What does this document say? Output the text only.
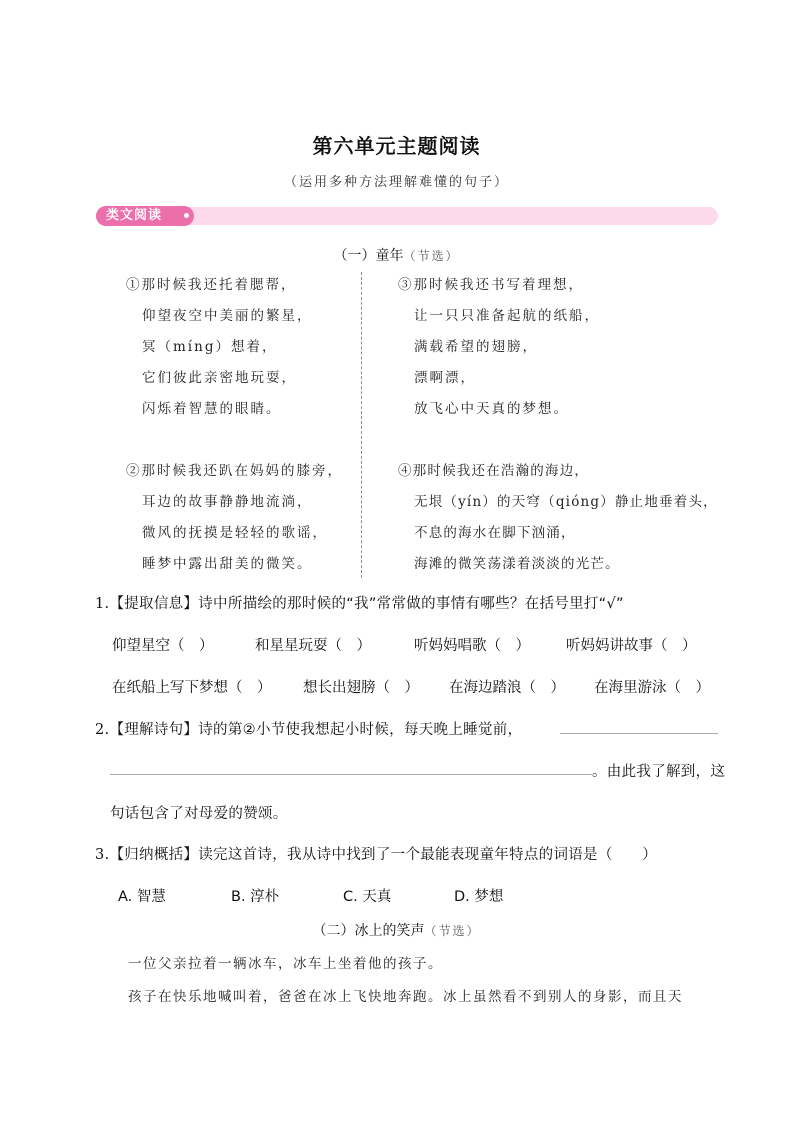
第六单元主题阅读
（运用多种方法理解难懂的句子）
类文阅读
（一）童年（节选）
①那时候我还托着腮帮，
仰望夜空中美丽的繁星，
冥（míng）想着，
它们彼此亲密地玩耍，
闪烁着智慧的眼睛。
②那时候我还趴在妈妈的膝旁，
耳边的故事静静地流淌，
微风的抚摸是轻轻的歌谣，
睡梦中露出甜美的微笑。
③那时候我还书写着理想，
让一只只准备起航的纸船，
满载希望的翅膀，
漂啊漂，
放飞心中天真的梦想。
④那时候我还在浩瀚的海边，
无垠（yín）的天穹（qióng）静止地垂着头，
不息的海水在脚下汹涌，
海滩的微笑荡漾着淡淡的光芒。
1.【提取信息】诗中所描绘的那时候的“我”常常做的事情有哪些？在括号里打“√”
仰望星空（　）	和星星玩耍（　）	听妈妈唱歌（　） 听妈妈讲故事（　）
在纸船上写下梦想（　） 想长出翅膀（　） 在海边踏浪（　） 在海里游泳（　）
2.【理解诗句】诗的第②小节使我想起小时候，每天晚上睡觉前，
。由此我了解到，这
句话包含了对母爱的赞颂。
3.【归纳概括】读完这首诗，我从诗中找到了一个最能表现童年特点的词语是（　　）
A. 智慧	B. 淳朴	C. 天真	D. 梦想
（二）冰上的笑声（节选）
一位父亲拉着一辆冰车，冰车上坐着他的孩子。
孩子在快乐地喊叫着，爸爸在冰上飞快地奔跑。冰上虽然看不到别人的身影，而且天
